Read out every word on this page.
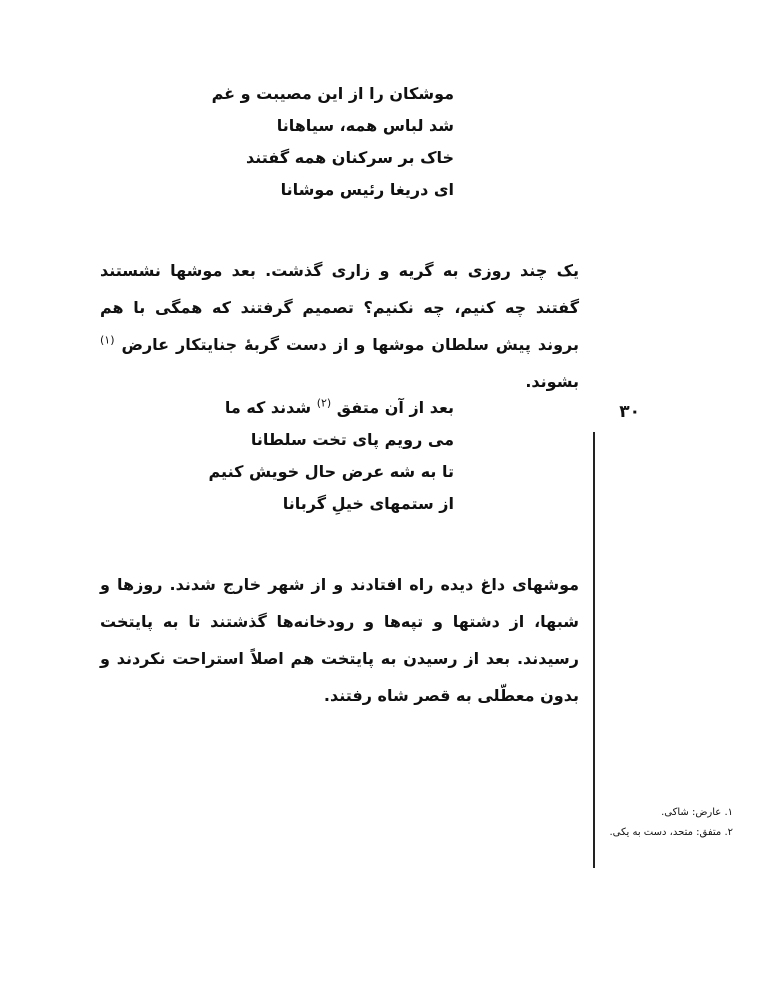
موشکان را از این مصیبت و غم
شد لباس همه، سیاهانا
خاک بر سرکنان همه گفتند
ای دریغا رئیس موشانا
یک چند روزی به گریه و زاری گذشت. بعد موشها نشستند گفتند چه کنیم، چه نکنیم؟ تصمیم گرفتند که همگی با هم بروند پیش سلطان موشها و از دست گربهٔ جنایتکار عارض $^{(۱)}$ بشوند.
۳۰
بعد از آن متفق $^{(۲)}$ شدند که ما
می رویم پای تخت سلطانا
تا به شه عرض حال خویش کنیم
از ستمهای خیلِ گربانا
موشهای داغ دیده راه افتادند و از شهر خارج شدند. روزها و شبها، از دشتها و تپه‌ها و رودخانه‌ها گذشتند تا به پایتخت رسیدند. بعد از رسیدن به پایتخت هم اصلاً استراحت نکردند و بدون معطّلی به قصر شاه رفتند.
۱. عارض: شاکی.
۲. متفق: متحد، دست به یکی.
